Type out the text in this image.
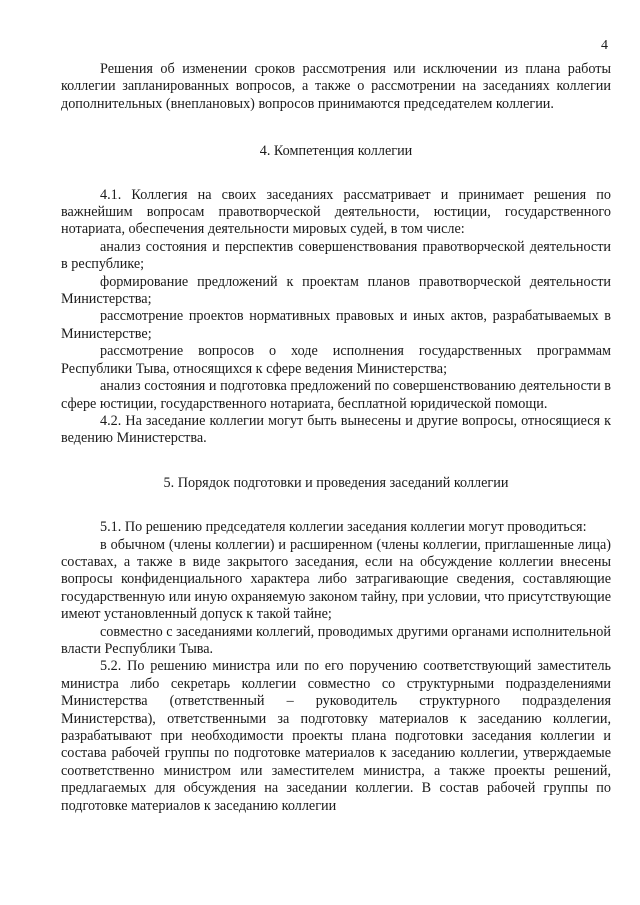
4

Решения об изменении сроков рассмотрения или исключении из плана работы коллегии запланированных вопросов, а также о рассмотрении на заседаниях коллегии дополнительных (внеплановых) вопросов принимаются председателем коллегии.

4. Компетенция коллегии

4.1. Коллегия на своих заседаниях рассматривает и принимает решения по важнейшим вопросам правотворческой деятельности, юстиции, государственного нотариата, обеспечения деятельности мировых судей, в том числе:

анализ состояния и перспектив совершенствования правотворческой деятельности в республике;

формирование предложений к проектам планов правотворческой деятельности Министерства;

рассмотрение проектов нормативных правовых и иных актов, разрабатываемых в Министерстве;

рассмотрение вопросов о ходе исполнения государственных программам Республики Тыва, относящихся к сфере ведения Министерства;

анализ состояния и подготовка предложений по совершенствованию деятельности в сфере юстиции, государственного нотариата, бесплатной юридической помощи.

4.2. На заседание коллегии могут быть вынесены и другие вопросы, относящиеся к ведению Министерства.

5. Порядок подготовки и проведения заседаний коллегии

5.1. По решению председателя коллегии заседания коллегии могут проводиться:

в обычном (члены коллегии) и расширенном (члены коллегии, приглашенные лица) составах, а также в виде закрытого заседания, если на обсуждение коллегии внесены вопросы конфиденциального характера либо затрагивающие сведения, составляющие государственную или иную охраняемую законом тайну, при условии, что присутствующие имеют установленный допуск к такой тайне;

совместно с заседаниями коллегий, проводимых другими органами исполнительной власти Республики Тыва.

5.2. По решению министра или по его поручению соответствующий заместитель министра либо секретарь коллегии совместно со структурными подразделениями Министерства (ответственный – руководитель структурного подразделения Министерства), ответственными за подготовку материалов к заседанию коллегии, разрабатывают при необходимости проекты плана подготовки заседания коллегии и состава рабочей группы по подготовке материалов к заседанию коллегии, утверждаемые соответственно министром или заместителем министра, а также проекты решений, предлагаемых для обсуждения на заседании коллегии. В состав рабочей группы по подготовке материалов к заседанию коллегии
